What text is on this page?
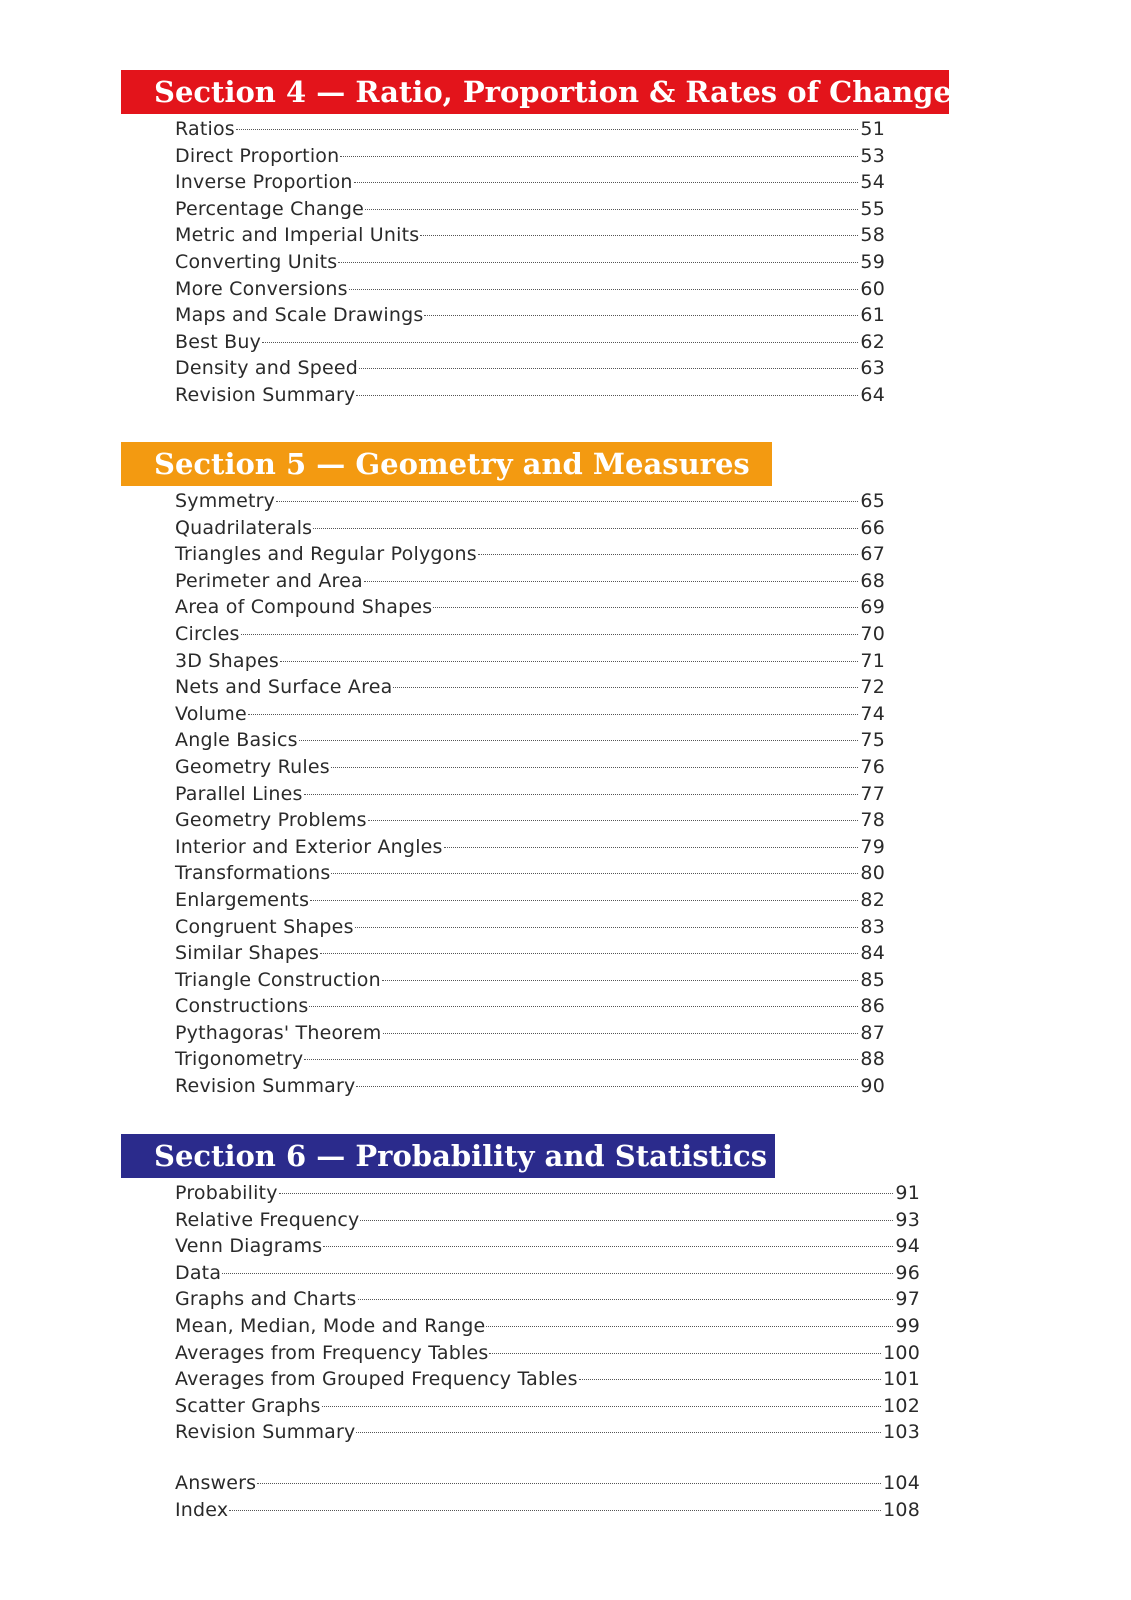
Section 4 — Ratio, Proportion & Rates of Change
Ratios	51
Direct Proportion	53
Inverse Proportion	54
Percentage Change	55
Metric and Imperial Units	58
Converting Units	59
More Conversions	60
Maps and Scale Drawings	61
Best Buy	62
Density and Speed	63
Revision Summary	64
Section 5 — Geometry and Measures
Symmetry	65
Quadrilaterals	66
Triangles and Regular Polygons	67
Perimeter and Area	68
Area of Compound Shapes	69
Circles	70
3D Shapes	71
Nets and Surface Area	72
Volume	74
Angle Basics	75
Geometry Rules	76
Parallel Lines	77
Geometry Problems	78
Interior and Exterior Angles	79
Transformations	80
Enlargements	82
Congruent Shapes	83
Similar Shapes	84
Triangle Construction	85
Constructions	86
Pythagoras' Theorem	87
Trigonometry	88
Revision Summary	90
Section 6 — Probability and Statistics
Probability	91
Relative Frequency	93
Venn Diagrams	94
Data	96
Graphs and Charts	97
Mean, Median, Mode and Range	99
Averages from Frequency Tables	100
Averages from Grouped Frequency Tables	101
Scatter Graphs	102
Revision Summary	103
Answers	104
Index	108
